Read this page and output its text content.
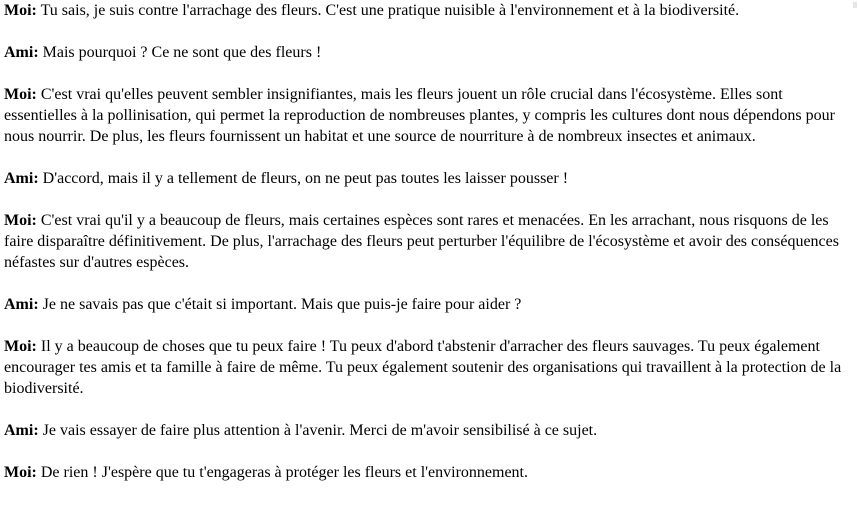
Moi: Tu sais, je suis contre l'arrachage des fleurs. C'est une pratique nuisible à l'environnement et à la biodiversité.

Ami: Mais pourquoi ? Ce ne sont que des fleurs !

Moi: C'est vrai qu'elles peuvent sembler insignifiantes, mais les fleurs jouent un rôle crucial dans l'écosystème. Elles sont essentielles à la pollinisation, qui permet la reproduction de nombreuses plantes, y compris les cultures dont nous dépendons pour nous nourrir. De plus, les fleurs fournissent un habitat et une source de nourriture à de nombreux insectes et animaux.

Ami: D'accord, mais il y a tellement de fleurs, on ne peut pas toutes les laisser pousser !

Moi: C'est vrai qu'il y a beaucoup de fleurs, mais certaines espèces sont rares et menacées. En les arrachant, nous risquons de les faire disparaître définitivement. De plus, l'arrachage des fleurs peut perturber l'équilibre de l'écosystème et avoir des conséquences néfastes sur d'autres espèces.

Ami: Je ne savais pas que c'était si important. Mais que puis-je faire pour aider ?

Moi: Il y a beaucoup de choses que tu peux faire ! Tu peux d'abord t'abstenir d'arracher des fleurs sauvages. Tu peux également encourager tes amis et ta famille à faire de même. Tu peux également soutenir des organisations qui travaillent à la protection de la biodiversité.

Ami: Je vais essayer de faire plus attention à l'avenir. Merci de m'avoir sensibilisé à ce sujet.

Moi: De rien ! J'espère que tu t'engageras à protéger les fleurs et l'environnement.
